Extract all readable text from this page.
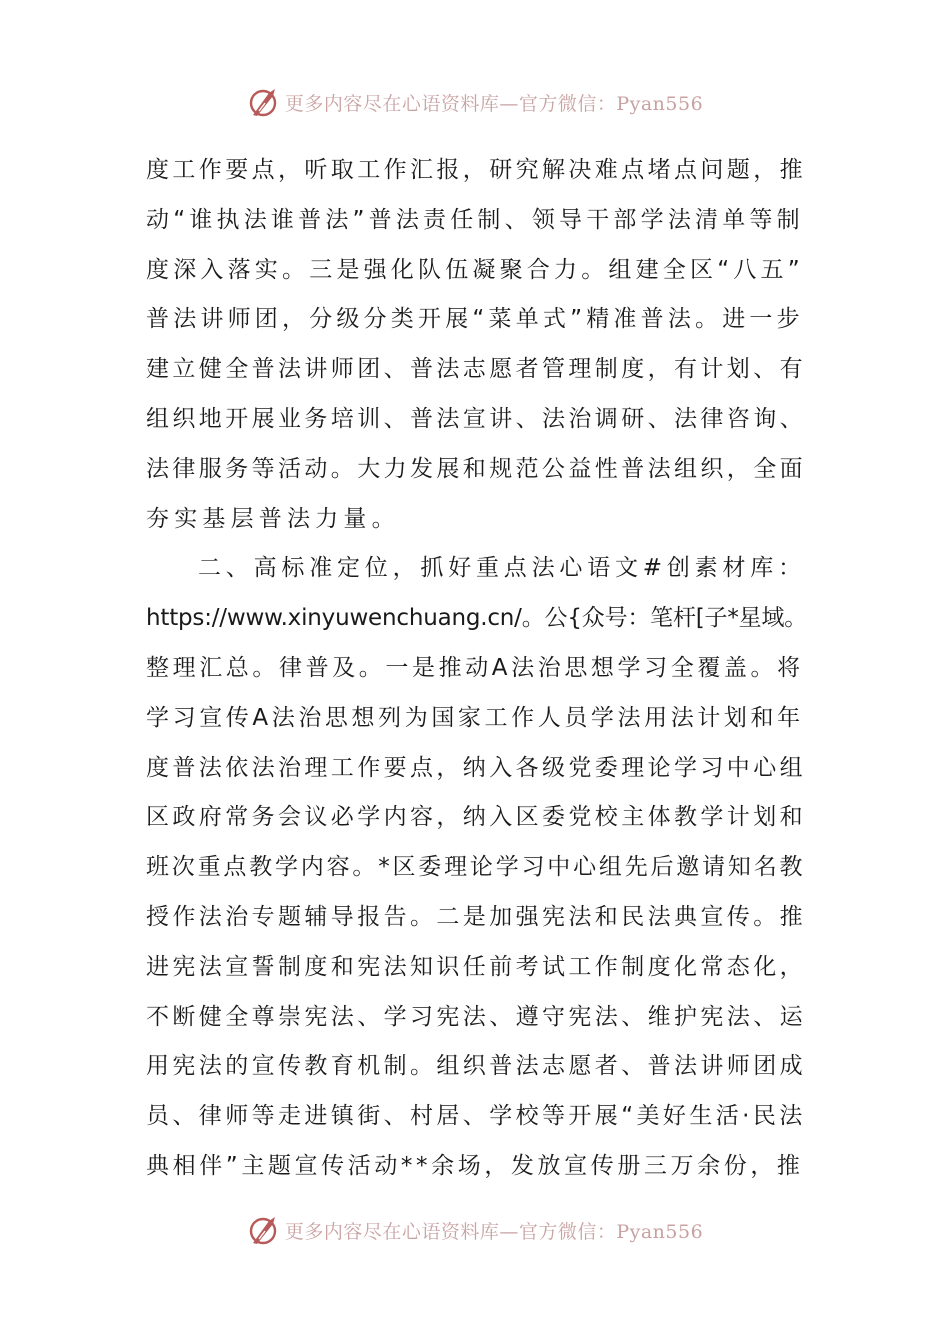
更多内容尽在心语资料库—官方微信：Pyan556
度工作要点，听取工作汇报，研究解决难点堵点问题，推
动“谁执法谁普法”普法责任制、领导干部学法清单等制
度深入落实。三是强化队伍凝聚合力。组建全区“八五”
普法讲师团，分级分类开展“菜单式”精准普法。进一步
建立健全普法讲师团、普法志愿者管理制度，有计划、有
组织地开展业务培训、普法宣讲、法治调研、法律咨询、
法律服务等活动。大力发展和规范公益性普法组织，全面
夯实基层普法力量。
二、高标准定位，抓好重点法心语文#创素材库：
https://www.xinyuwenchuang.cn/。公{众号：笔杆[子*星域。
整理汇总。律普及。一是推动A法治思想学习全覆盖。将
学习宣传A法治思想列为国家工作人员学法用法计划和年
度普法依法治理工作要点，纳入各级党委理论学习中心组
区政府常务会议必学内容，纳入区委党校主体教学计划和
班次重点教学内容。*区委理论学习中心组先后邀请知名教
授作法治专题辅导报告。二是加强宪法和民法典宣传。推
进宪法宣誓制度和宪法知识任前考试工作制度化常态化，
不断健全尊崇宪法、学习宪法、遵守宪法、维护宪法、运
用宪法的宣传教育机制。组织普法志愿者、普法讲师团成
员、律师等走进镇街、村居、学校等开展“美好生活·民法
典相伴”主题宣传活动**余场，发放宣传册三万余份，推
更多内容尽在心语资料库—官方微信：Pyan556
